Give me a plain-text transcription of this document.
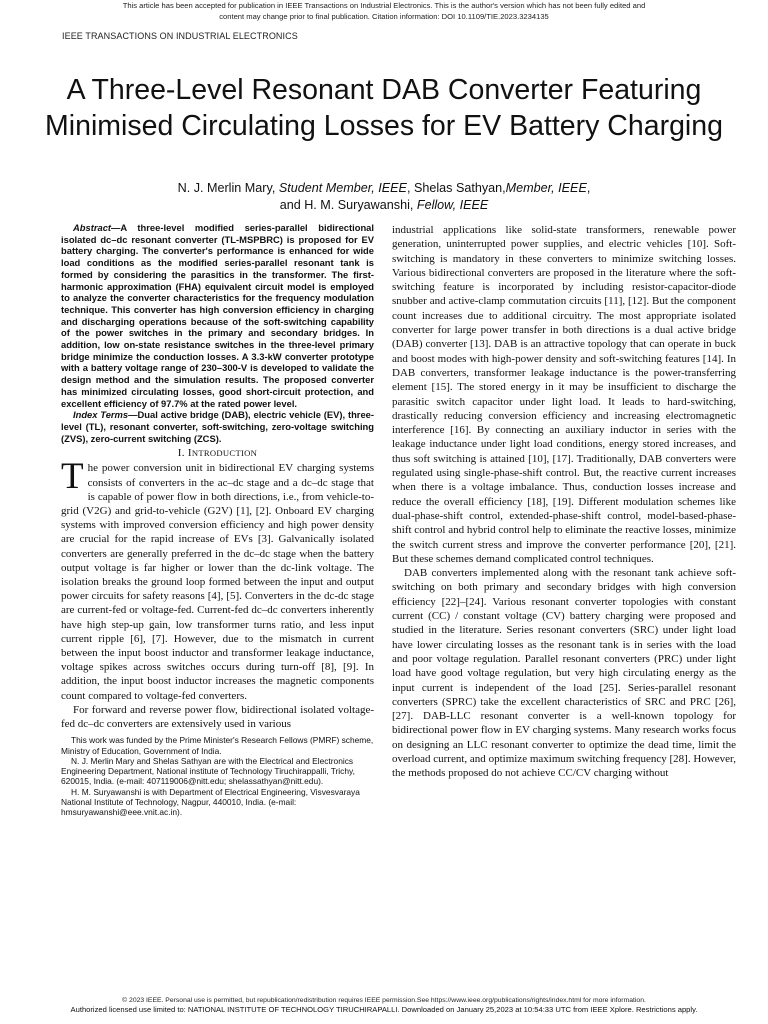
This article has been accepted for publication in IEEE Transactions on Industrial Electronics. This is the author's version which has not been fully edited and
content may change prior to final publication. Citation information: DOI 10.1109/TIE.2023.3234135
IEEE TRANSACTIONS ON INDUSTRIAL ELECTRONICS
A Three-Level Resonant DAB Converter Featuring Minimised Circulating Losses for EV Battery Charging
N. J. Merlin Mary, Student Member, IEEE, Shelas Sathyan,Member, IEEE,
and H. M. Suryawanshi, Fellow, IEEE

Abstract—A three-level modified series-parallel bidirectional isolated dc–dc resonant converter (TL-MSPBRC) is proposed for EV battery charging. The converter's performance is enhanced for wide load conditions as the modified series-parallel resonant tank is formed by considering the parasitics in the transformer. The first-harmonic approximation (FHA) equivalent circuit model is employed to analyze the converter characteristics for the frequency modulation technique. This converter has high conversion efficiency in charging and discharging operations because of the soft-switching capability of the power switches in the primary and secondary bridges. In addition, low on-state resistance switches in the three-level primary bridge minimize the conduction losses. A 3.3-kW converter prototype with a battery voltage range of 230–300-V is developed to validate the design method and the simulation results. The proposed converter has minimized circulating losses, good short-circuit protection, and excellent efficiency of 97.7% at the rated power level.

Index Terms—Dual active bridge (DAB), electric vehicle (EV), three-level (TL), resonant converter, soft-switching, zero-voltage switching (ZVS), zero-current switching (ZCS).

I. INTRODUCTION

The power conversion unit in bidirectional EV charging systems consists of converters in the ac–dc stage and a dc–dc stage that is capable of power flow in both directions, i.e., from vehicle-to-grid (V2G) and grid-to-vehicle (G2V) [1], [2]. Onboard EV charging systems with improved conversion efficiency and high power density are crucial for the rapid increase of EVs [3]. Galvanically isolated converters are generally preferred in the dc–dc stage when the battery output voltage is far higher or lower than the dc-link voltage. The isolation breaks the ground loop formed between the input and output power circuits for safety reasons [4], [5]. Converters in the dc-dc stage are current-fed or voltage-fed. Current-fed dc–dc converters inherently have high step-up gain, low transformer turns ratio, and less input current ripple [6], [7]. However, due to the mismatch in current between the input boost inductor and transformer leakage inductance, voltage spikes across switches occurs during turn-off [8], [9]. In addition, the input boost inductor increases the magnetic components count compared to voltage-fed converters.

For forward and reverse power flow, bidirectional isolated voltage-fed dc–dc converters are extensively used in various

This work was funded by the Prime Minister's Research Fellows (PMRF) scheme, Ministry of Education, Government of India.

N. J. Merlin Mary and Shelas Sathyan are with the Electrical and Electronics Engineering Department, National institute of Technology Tiruchirappalli, Trichy, 620015, India. (e-mail: 407119006@nitt.edu; shelassathyan@nitt.edu).

H. M. Suryawanshi is with Department of Electrical Engineering, Visvesvaraya National Institute of Technology, Nagpur, 440010, India. (e-mail: hmsuryawanshi@eee.vnit.ac.in).

industrial applications like solid-state transformers, renewable power generation, uninterrupted power supplies, and electric vehicles [10]. Soft-switching is mandatory in these converters to minimize switching losses. Various bidirectional converters are proposed in the literature where the soft-switching feature is incorporated by including resistor-capacitor-diode snubber and active-clamp commutation circuits [11], [12]. But the component count increases due to additional circuitry. The most appropriate isolated converter for large power transfer in both directions is a dual active bridge (DAB) converter [13]. DAB is an attractive topology that can operate in buck and boost modes with high-power density and soft-switching features [14]. In DAB converters, transformer leakage inductance is the power-transferring element [15]. The stored energy in it may be insufficient to discharge the parasitic switch capacitor under light load. It leads to hard-switching, drastically reducing conversion efficiency and increasing electromagnetic interference [16]. By connecting an auxiliary inductor in series with the leakage inductance under light load conditions, energy stored increases, and thus soft switching is attained [10], [17]. Traditionally, DAB converters were regulated using single-phase-shift control. But, the reactive current increases when there is a voltage imbalance. Thus, conduction losses increase and reduce the overall efficiency [18], [19]. Different modulation schemes like dual-phase-shift control, extended-phase-shift control, model-based-phase-shift control and hybrid control help to eliminate the reactive losses, minimize the switch current stress and improve the converter performance [20], [21]. But these schemes demand complicated control techniques.

DAB converters implemented along with the resonant tank achieve soft-switching on both primary and secondary bridges with high conversion efficiency [22]–[24]. Various resonant converter topologies with constant current (CC) / constant voltage (CV) battery charging were proposed and studied in the literature. Series resonant converters (SRC) under light load have lower circulating losses as the resonant tank is in series with the load and poor voltage regulation. Parallel resonant converters (PRC) under light load have good voltage regulation, but very high circulating energy as the input current is independent of the load [25]. Series-parallel resonant converters (SPRC) take the excellent characteristics of SRC and PRC [26], [27]. DAB-LLC resonant converter is a well-known topology for bidirectional power flow in EV charging systems. Many research works focus on designing an LLC resonant converter to optimize the dead time, limit the overload current, and optimize maximum switching frequency [28]. However, the methods proposed do not achieve CC/CV charging without

© 2023 IEEE. Personal use is permitted, but republication/redistribution requires IEEE permission.See https://www.ieee.org/publications/rights/index.html for more information.
Authorized licensed use limited to: NATIONAL INSTITUTE OF TECHNOLOGY TIRUCHIRAPALLI. Downloaded on January 25,2023 at 10:54:33 UTC from IEEE Xplore. Restrictions apply.
